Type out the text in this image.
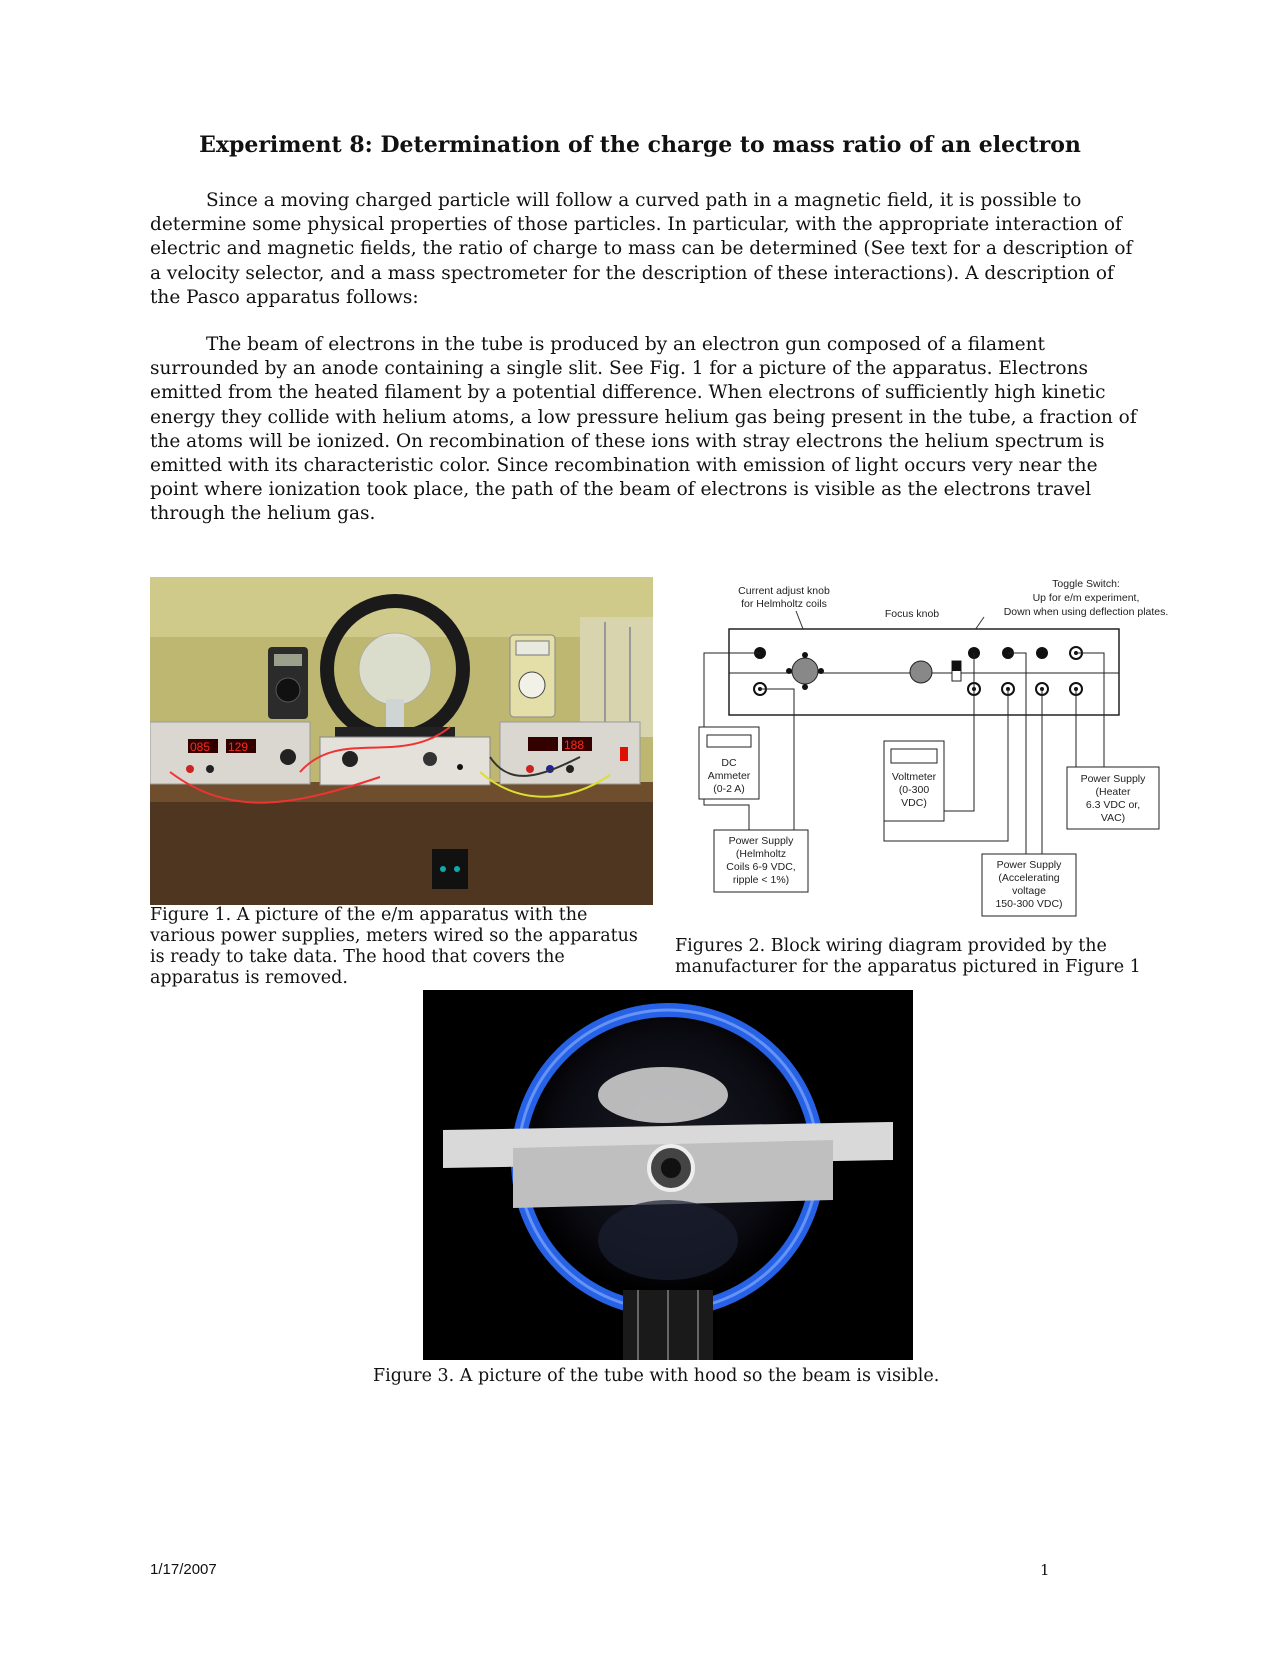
Experiment 8: Determination of the charge to mass ratio of an electron

Since a moving charged particle will follow a curved path in a magnetic field, it is possible to determine some physical properties of those particles. In particular, with the appropriate interaction of electric and magnetic fields, the ratio of charge to mass can be determined (See text for a description of a velocity selector, and a mass spectrometer for the description of these interactions). A description of the Pasco apparatus follows:

The beam of electrons in the tube is produced by an electron gun composed of a filament surrounded by an anode containing a single slit. See Fig. 1 for a picture of the apparatus. Electrons emitted from the heated filament by a potential difference. When electrons of sufficiently high kinetic energy they collide with helium atoms, a low pressure helium gas being present in the tube, a fraction of the atoms will be ionized. On recombination of these ions with stray electrons the helium spectrum is emitted with its characteristic color. Since recombination with emission of light occurs very near the point where ionization took place, the path of the beam of electrons is visible as the electrons travel through the helium gas.

085 129	188

Figure 1. A picture of the e/m apparatus with the various power supplies, meters wired so the apparatus is ready to take data. The hood that covers the apparatus is removed.

Current adjust knob
for Helmholtz coils
Focus knob
Toggle Switch:
Up for e/m experiment,
Down when using deflection plates.
DC
Ammeter
(0-2 A)
Voltmeter
(0-300
VDC)
Power Supply
(Heater
6.3 VDC or,
VAC)
Power Supply
(Helmholtz
Coils 6-9 VDC,
ripple < 1%)
Power Supply
(Accelerating
voltage
150-300 VDC)

Figures 2. Block wiring diagram provided by the manufacturer for the apparatus pictured in Figure 1

Figure 3. A picture of the tube with hood so the beam is visible.

1/17/2007	1
